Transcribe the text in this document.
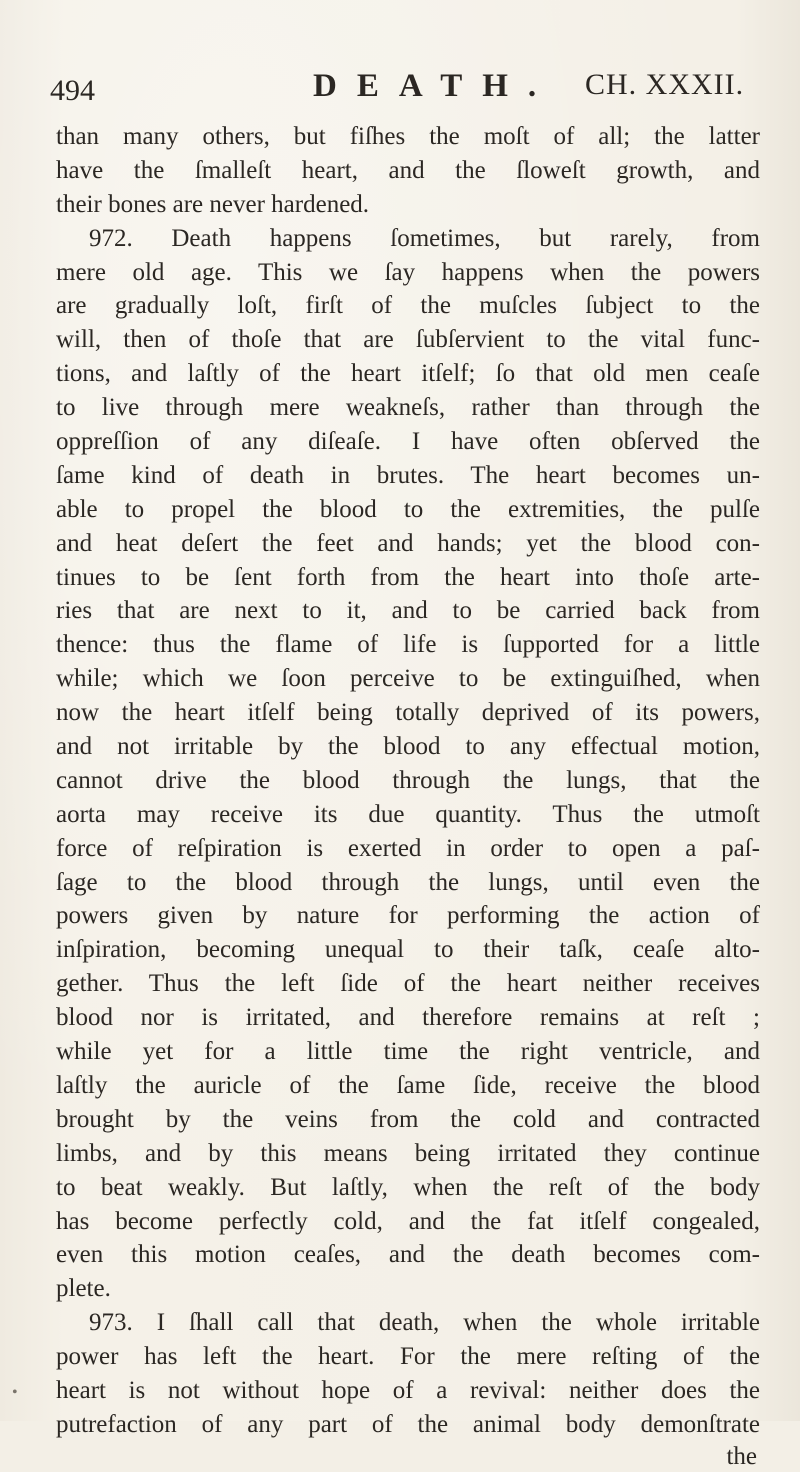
494	DEATH. CH. XXXII.
than many others, but fiſhes the moſt of all; the latter
have the ſmalleſt heart, and the ſloweſt growth, and
their bones are never hardened.
972. Death happens ſometimes, but rarely, from
mere old age. This we ſay happens when the powers
are gradually loſt, firſt of the muſcles ſubject to the
will, then of thoſe that are ſubſervient to the vital func-
tions, and laſtly of the heart itſelf; ſo that old men ceaſe
to live through mere weakneſs, rather than through the
oppreſſion of any diſeaſe. I have often obſerved the
ſame kind of death in brutes. The heart becomes un-
able to propel the blood to the extremities, the pulſe
and heat deſert the feet and hands; yet the blood con-
tinues to be ſent forth from the heart into thoſe arte-
ries that are next to it, and to be carried back from
thence: thus the flame of life is ſupported for a little
while; which we ſoon perceive to be extinguiſhed, when
now the heart itſelf being totally deprived of its powers,
and not irritable by the blood to any effectual motion,
cannot drive the blood through the lungs, that the
aorta may receive its due quantity. Thus the utmoſt
force of reſpiration is exerted in order to open a paſ-
ſage to the blood through the lungs, until even the
powers given by nature for performing the action of
inſpiration, becoming unequal to their taſk, ceaſe alto-
gether. Thus the left ſide of the heart neither receives
blood nor is irritated, and therefore remains at reſt ;
while yet for a little time the right ventricle, and
laſtly the auricle of the ſame ſide, receive the blood
brought by the veins from the cold and contracted
limbs, and by this means being irritated they continue
to beat weakly. But laſtly, when the reſt of the body
has become perfectly cold, and the fat itſelf congealed,
even this motion ceaſes, and the death becomes com-
plete.
973. I ſhall call that death, when the whole irritable
power has left the heart. For the mere reſting of the
heart is not without hope of a revival: neither does the
putrefaction of any part of the animal body demonſtrate
the
•
